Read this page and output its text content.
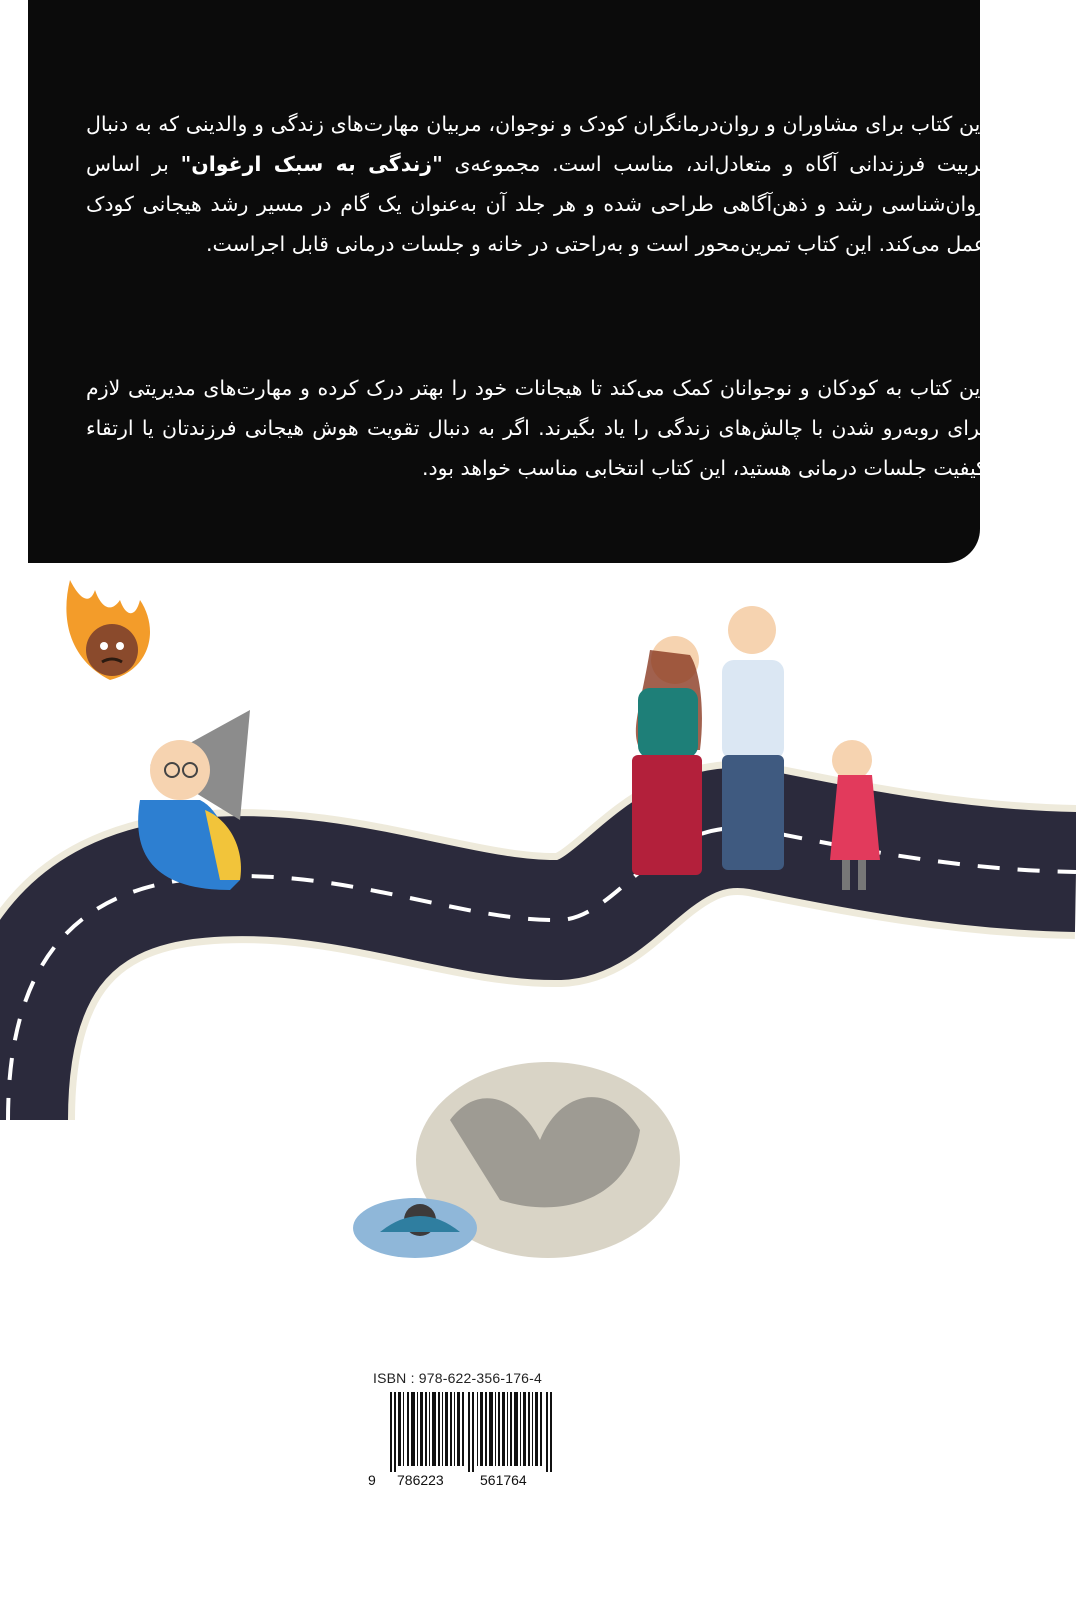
این کتاب برای مشاوران و روان‌درمانگران کودک و نوجوان، مربیان مهارت‌های زندگی و والدینی که به دنبال تربیت فرزندانی آگاه و متعادل‌اند، مناسب است. مجموعه‌ی "زندگی به سبک ارغوان" بر اساس روان‌شناسی رشد و ذهن‌آگاهی طراحی شده و هر جلد آن به‌عنوان یک گام در مسیر رشد هیجانی کودک عمل می‌کند. این کتاب تمرین‌محور است و به‌راحتی در خانه و جلسات درمانی قابل اجراست.

این کتاب به کودکان و نوجوانان کمک می‌کند تا هیجانات خود را بهتر درک کرده و مهارت‌های مدیریتی لازم برای روبه‌رو شدن با چالش‌های زندگی را یاد بگیرند. اگر به دنبال تقویت هوش هیجانی فرزندتان یا ارتقاء کیفیت جلسات درمانی هستید، این کتاب انتخابی مناسب خواهد بود.

ISBN : 978-622-356-176-4
9 786223	561764
